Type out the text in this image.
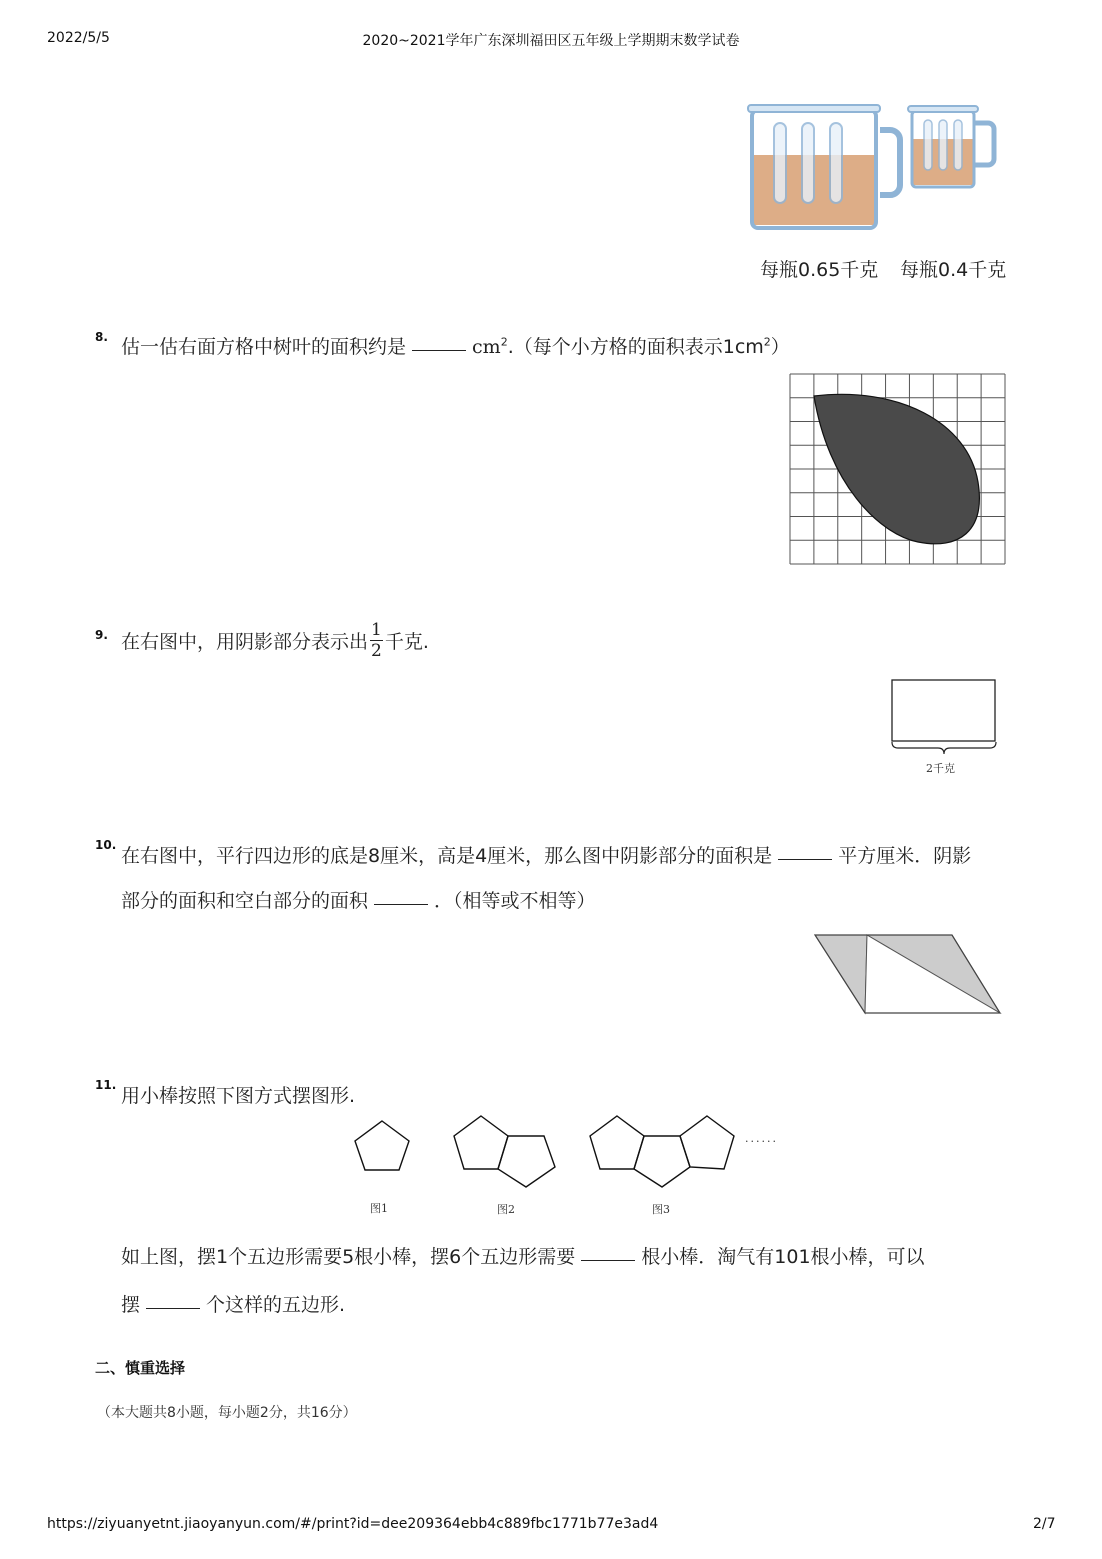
2022/5/5	2020~2021学年广东深圳福田区五年级上学期期末数学试卷
每瓶0.65千克 每瓶0.4千克
8. 估一估右面方格中树叶的面积约是	$cm^2$.（每个小方格的面积表示$1cm^2$）
9. 在右图中，用阴影部分表示出 $\frac{1}{2}$ 千克.
2千克
10. 在右图中，平行四边形的底是8厘米，高是4厘米，那么图中阴影部分的面积是	平方厘米．阴影
部分的面积和空白部分的面积	．（相等或不相等）
11. 用小棒按照下图方式摆图形.
......
图1	图2	图3
如上图，摆1个五边形需要5根小棒，摆6个五边形需要	根小棒．淘气有101根小棒，可以
摆	个这样的五边形.
二、慎重选择
（本大题共8小题，每小题2分，共16分）
https://ziyuanyetnt.jiaoyanyun.com/#/print?id=dee209364ebb4c889fbc1771b77e3ad4	2/7
